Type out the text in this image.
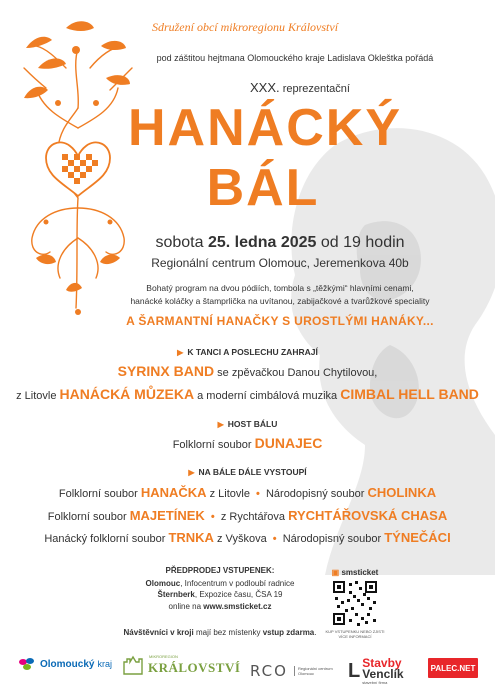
Sdružení obcí mikroregionu Království
pod záštitou hejtmana Olomouckého kraje Ladislava Okleštka pořádá
XXX. reprezentační
HANÁCKÝ
BÁL
sobota 25. ledna 2025 od 19 hodin
Regionální centrum Olomouc, Jeremenkova 40b
Bohatý program na dvou pódiích, tombola s „těžkými“ hlavními cenami,
hanácké koláčky a štamprlička na uvítanou, zabijačkové a tvarůžkové speciality
A ŠARMANTNÍ HANAČKY S UROSTLÝMI HANÁKY...
▶ K TANCI A POSLECHU ZAHRAJÍ
SYRINX BAND se zpěvačkou Danou Chytilovou,
z Litovle HANÁCKÁ MŮZEKA a moderní cimbálová muzika CIMBAL HELL BAND
▶ HOST BÁLU
Folklorní soubor DUNAJEC
▶ NA BÁLE DÁLE VYSTOUPÍ
Folklorní soubor HANAČKA z Litovle • Národopisný soubor CHOLINKA
Folklorní soubor MAJETÍNEK • z Rychtářova RYCHTÁŘOVSKÁ CHASA
Hanácký folklorní soubor TRNKA z Vyškova • Národopisný soubor TÝNEČÁCI
PŘEDPRODEJ VSTUPENEK:
Olomouc, Infocentrum v podloubí radnice
Šternberk, Expozice času, ČSA 19
online na www.smsticket.cz
Návštěvníci v kroji mají bez místenky vstup zdarma.
▣ smsticket
KUP VSTUPENKU NEBO ZJISTI VÍCE INFORMACÍ
Olomoucký kraj
MIKROREGION
KRÁLOVSTVÍ RCO	Regionální centrum Olomouc	L Stavby
Venclík
stavební firma
PALEC.NET
